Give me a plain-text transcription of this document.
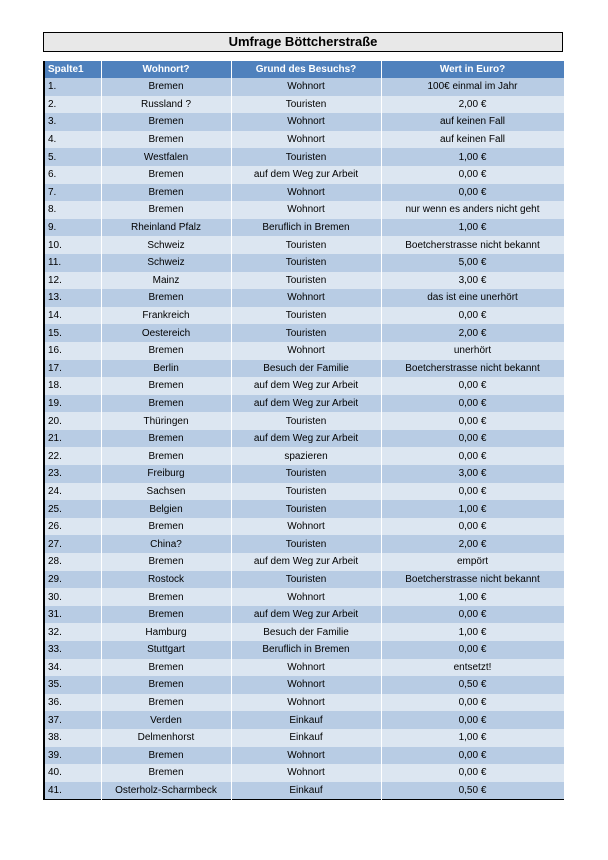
Umfrage Böttcherstraße
Spalte1	Wohnort?	Grund des Besuchs?	Wert in Euro?
1.	Bremen	Wohnort	100€ einmal im Jahr
2.	Russland ?	Touristen	2,00 €
3.	Bremen	Wohnort	auf keinen Fall
4.	Bremen	Wohnort	auf keinen Fall
5.	Westfalen	Touristen	1,00 €
6.	Bremen	auf dem Weg zur Arbeit	0,00 €
7.	Bremen	Wohnort	0,00 €
8.	Bremen	Wohnort	nur wenn es anders nicht geht
9.	Rheinland Pfalz	Beruflich in Bremen	1,00 €
10.	Schweiz	Touristen	Boetcherstrasse nicht bekannt
11.	Schweiz	Touristen	5,00 €
12.	Mainz	Touristen	3,00 €
13.	Bremen	Wohnort	das ist eine unerhört
14.	Frankreich	Touristen	0,00 €
15.	Oestereich	Touristen	2,00 €
16.	Bremen	Wohnort	unerhört
17.	Berlin	Besuch der Familie	Boetcherstrasse nicht bekannt
18.	Bremen	auf dem Weg zur Arbeit	0,00 €
19.	Bremen	auf dem Weg zur Arbeit	0,00 €
20.	Thüringen	Touristen	0,00 €
21.	Bremen	auf dem Weg zur Arbeit	0,00 €
22.	Bremen	spazieren	0,00 €
23.	Freiburg	Touristen	3,00 €
24.	Sachsen	Touristen	0,00 €
25.	Belgien	Touristen	1,00 €
26.	Bremen	Wohnort	0,00 €
27.	China?	Touristen	2,00 €
28.	Bremen	auf dem Weg zur Arbeit	empört
29.	Rostock	Touristen	Boetcherstrasse nicht bekannt
30.	Bremen	Wohnort	1,00 €
31.	Bremen	auf dem Weg zur Arbeit	0,00 €
32.	Hamburg	Besuch der Familie	1,00 €
33.	Stuttgart	Beruflich in Bremen	0,00 €
34.	Bremen	Wohnort	entsetzt!
35.	Bremen	Wohnort	0,50 €
36.	Bremen	Wohnort	0,00 €
37.	Verden	Einkauf	0,00 €
38.	Delmenhorst	Einkauf	1,00 €
39.	Bremen	Wohnort	0,00 €
40.	Bremen	Wohnort	0,00 €
41.	Osterholz-Scharmbeck	Einkauf	0,50 €
